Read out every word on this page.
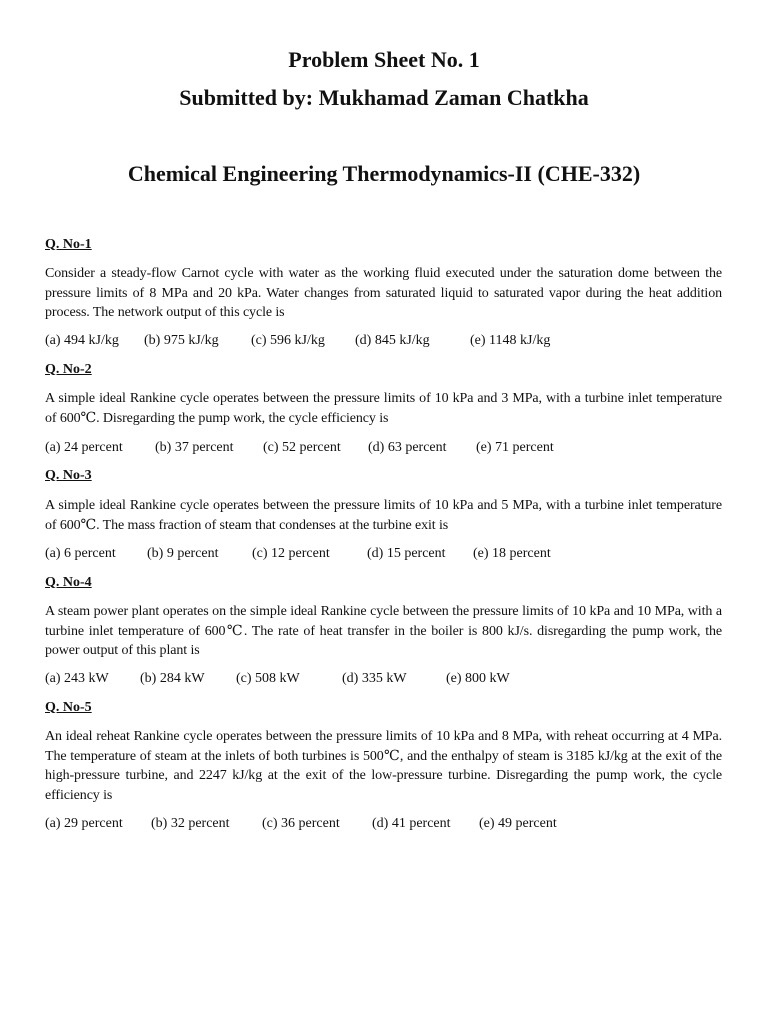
Problem Sheet No. 1
Submitted by: Mukhamad Zaman Chatkha
Chemical Engineering Thermodynamics-II (CHE-332)
Q. No-1
Consider a steady-flow Carnot cycle with water as the working fluid executed under the saturation dome between the pressure limits of 8 MPa and 20 kPa. Water changes from saturated liquid to saturated vapor during the heat addition process. The network output of this cycle is
(a) 494 kJ/kg (b) 975 kJ/kg (c) 596 kJ/kg (d) 845 kJ/kg	(e) 1148 kJ/kg
Q. No-2
A simple ideal Rankine cycle operates between the pressure limits of 10 kPa and 3 MPa, with a turbine inlet temperature of 600℃. Disregarding the pump work, the cycle efficiency is
(a) 24 percent (b) 37 percent (c) 52 percent (d) 63 percent (e) 71 percent
Q. No-3
A simple ideal Rankine cycle operates between the pressure limits of 10 kPa and 5 MPa, with a turbine inlet temperature of 600℃. The mass fraction of steam that condenses at the turbine exit is
(a) 6 percent (b) 9 percent (c) 12 percent	(d) 15 percent (e) 18 percent
Q. No-4
A steam power plant operates on the simple ideal Rankine cycle between the pressure limits of 10 kPa and 10 MPa, with a turbine inlet temperature of 600℃. The rate of heat transfer in the boiler is 800 kJ/s. disregarding the pump work, the power output of this plant is
(a) 243 kW (b) 284 kW (c) 508 kW	(d) 335 kW	(e) 800 kW
Q. No-5
An ideal reheat Rankine cycle operates between the pressure limits of 10 kPa and 8 MPa, with reheat occurring at 4 MPa. The temperature of steam at the inlets of both turbines is 500℃, and the enthalpy of steam is 3185 kJ/kg at the exit of the high-pressure turbine, and 2247 kJ/kg at the exit of the low-pressure turbine. Disregarding the pump work, the cycle efficiency is
(a) 29 percent (b) 32 percent (c) 36 percent (d) 41 percent (e) 49 percent
